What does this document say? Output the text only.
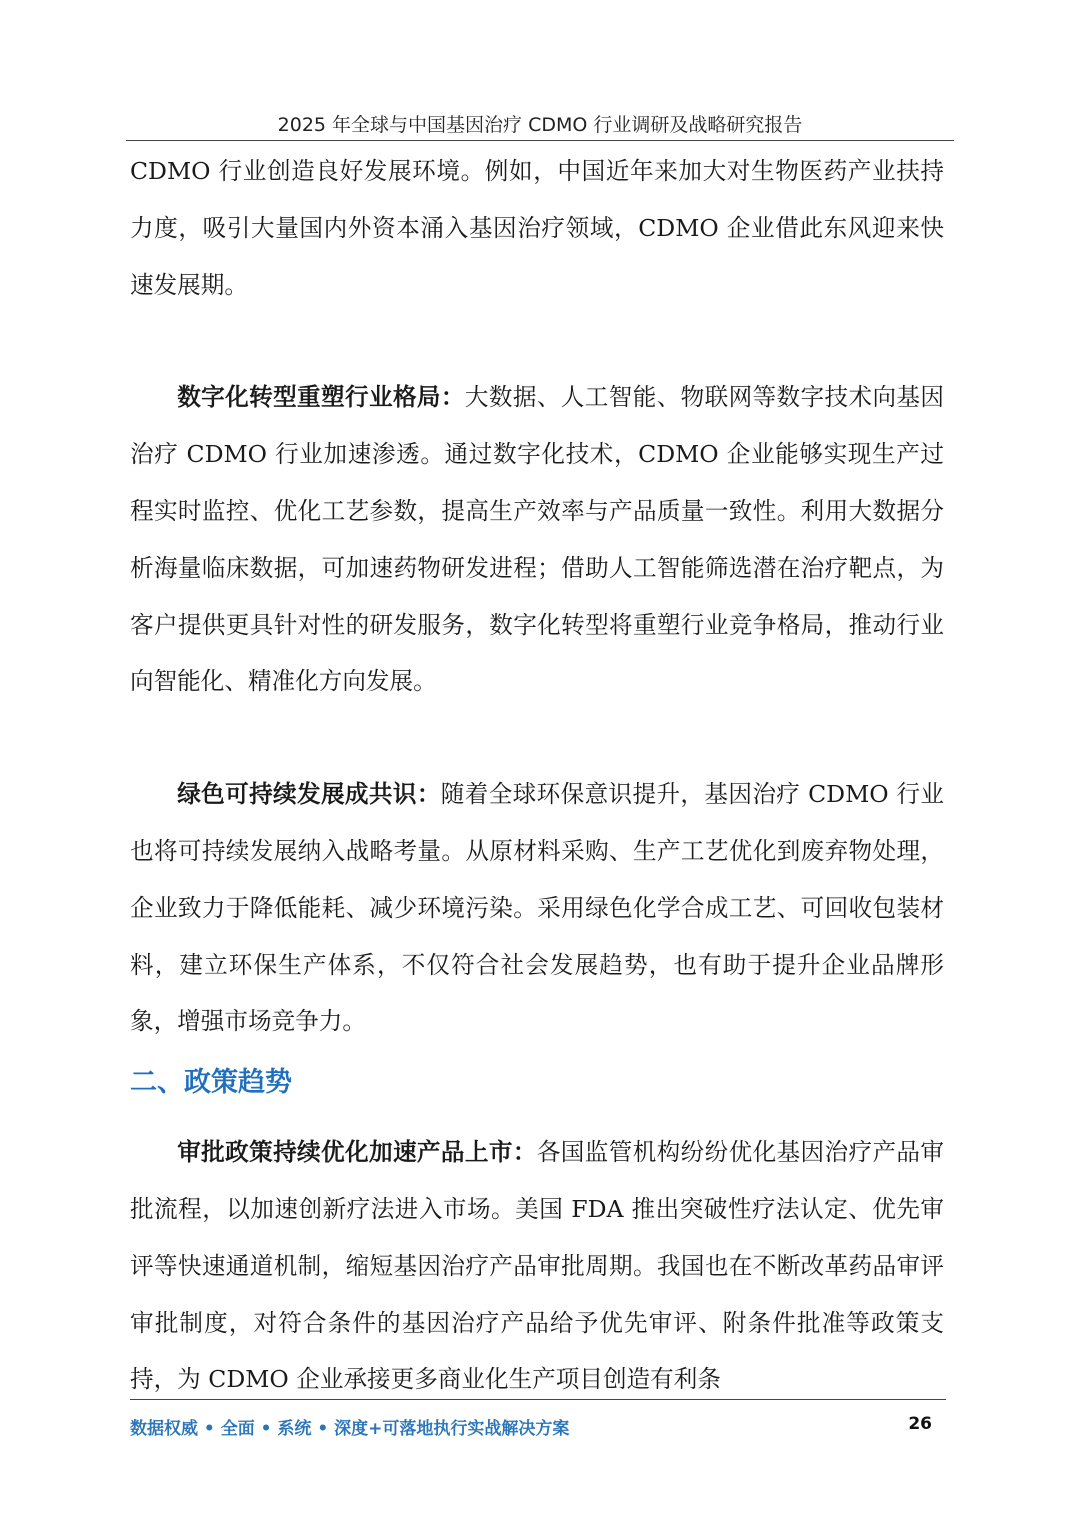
2025 年全球与中国基因治疗 CDMO 行业调研及战略研究报告

CDMO 行业创造良好发展环境。例如，中国近年来加大对生物医药产业扶持力度，吸引大量国内外资本涌入基因治疗领域，CDMO 企业借此东风迎来快速发展期。

数字化转型重塑行业格局：大数据、人工智能、物联网等数字技术向基因治疗 CDMO 行业加速渗透。通过数字化技术，CDMO 企业能够实现生产过程实时监控、优化工艺参数，提高生产效率与产品质量一致性。利用大数据分析海量临床数据，可加速药物研发进程；借助人工智能筛选潜在治疗靶点，为客户提供更具针对性的研发服务，数字化转型将重塑行业竞争格局，推动行业向智能化、精准化方向发展。

绿色可持续发展成共识：随着全球环保意识提升，基因治疗 CDMO 行业也将可持续发展纳入战略考量。从原材料采购、生产工艺优化到废弃物处理，企业致力于降低能耗、减少环境污染。采用绿色化学合成工艺、可回收包装材料，建立环保生产体系，不仅符合社会发展趋势，也有助于提升企业品牌形象，增强市场竞争力。

二、政策趋势

审批政策持续优化加速产品上市：各国监管机构纷纷优化基因治疗产品审批流程，以加速创新疗法进入市场。美国 FDA 推出突破性疗法认定、优先审评等快速通道机制，缩短基因治疗产品审批周期。我国也在不断改革药品审评审批制度，对符合条件的基因治疗产品给予优先审评、附条件批准等政策支持，为 CDMO 企业承接更多商业化生产项目创造有利条

数据权威 • 全面 • 系统 • 深度+可落地执行实战解决方案	26
